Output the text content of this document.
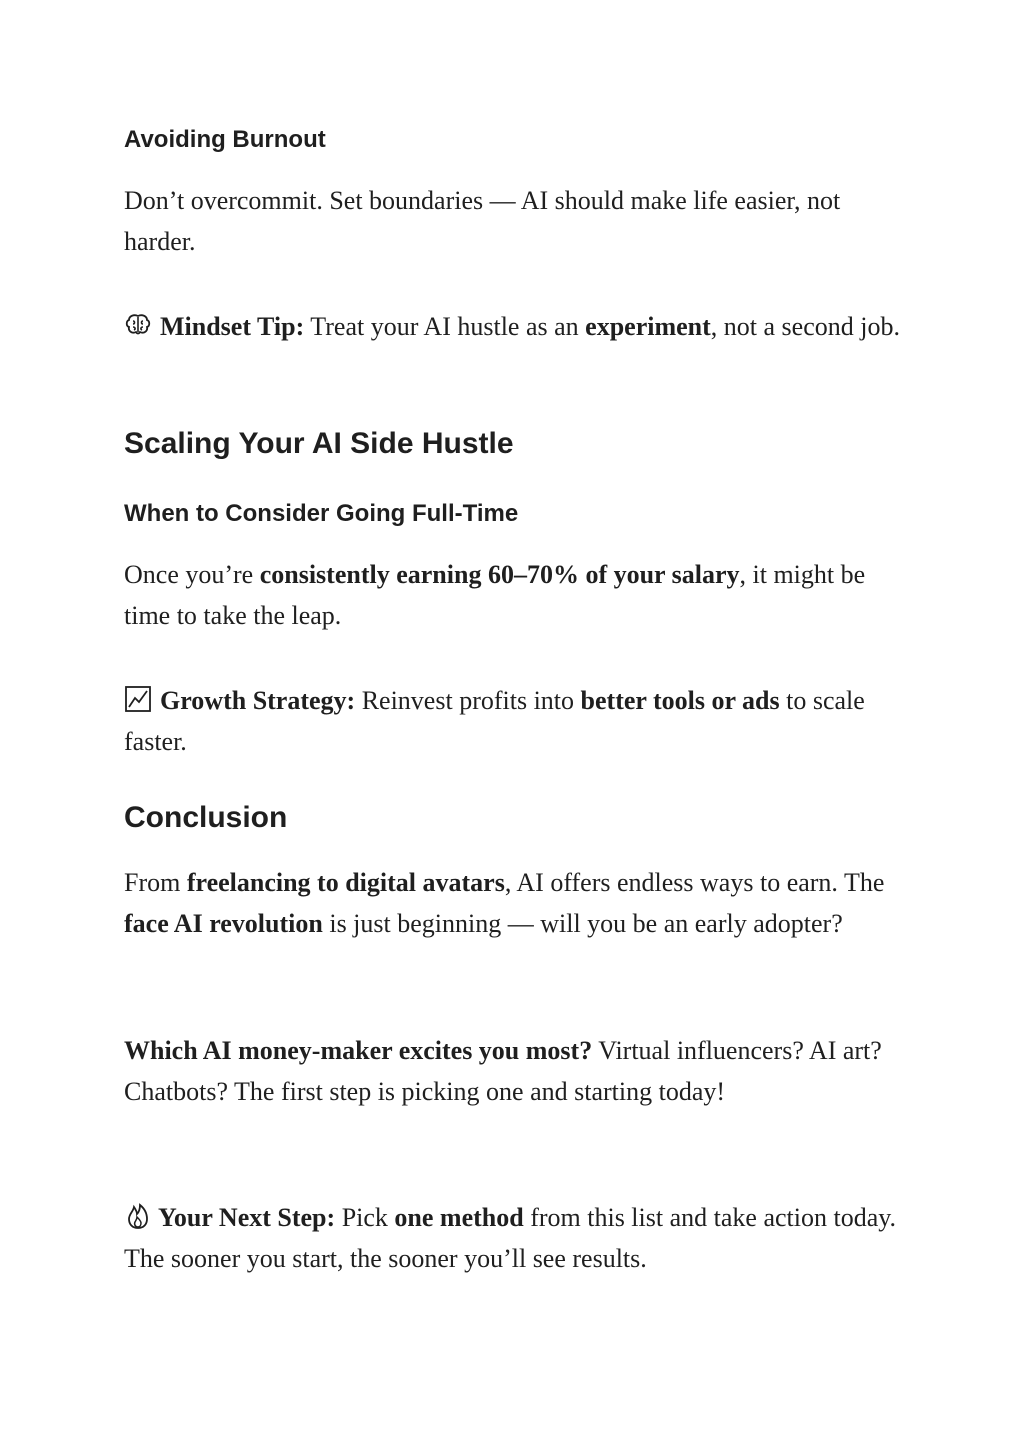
Avoiding Burnout

Don’t overcommit. Set boundaries — AI should make life easier, not harder.

Mindset Tip: Treat your AI hustle as an experiment, not a second job.

Scaling Your AI Side Hustle
When to Consider Going Full-Time

Once you’re consistently earning 60–70% of your salary, it might be time to take the leap.

Growth Strategy: Reinvest profits into better tools or ads to scale faster.

Conclusion

From freelancing to digital avatars, AI offers endless ways to earn. The face AI revolution is just beginning — will you be an early adopter?

Which AI money-maker excites you most? Virtual influencers? AI art? Chatbots? The first step is picking one and starting today!

Your Next Step: Pick one method from this list and take action today. The sooner you start, the sooner you’ll see results.
